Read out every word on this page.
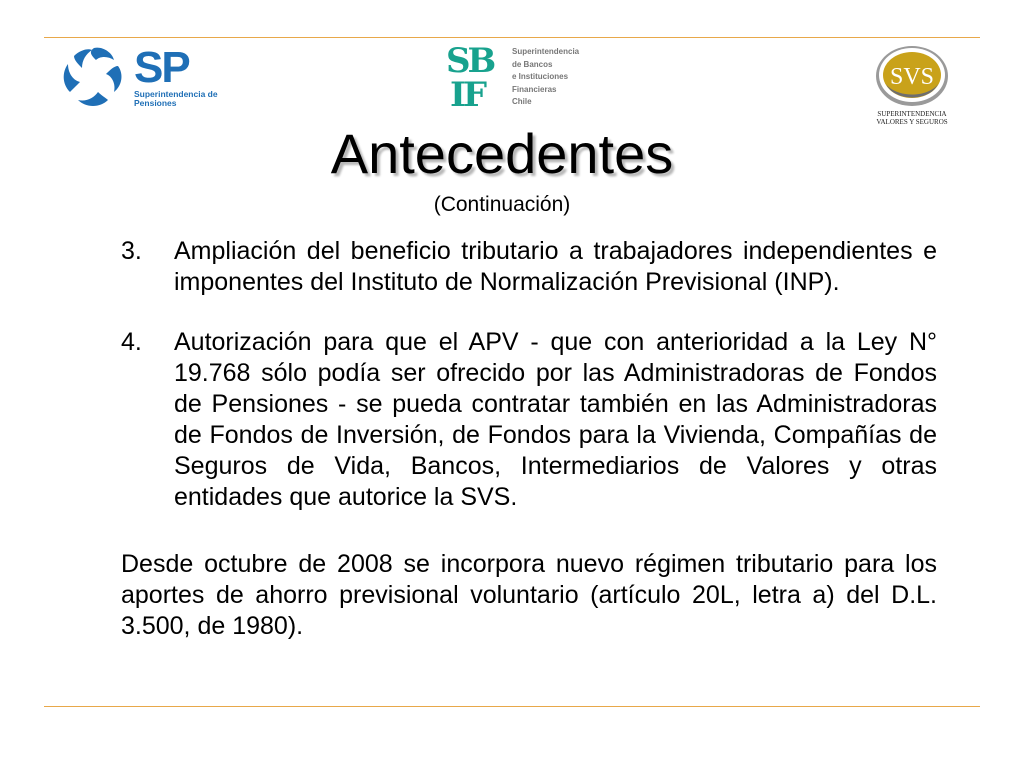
SP
Superintendencia de Pensiones
SB
IF
Superintendencia
de Bancos
e Instituciones
Financieras
Chile
SVS
SUPERINTENDENCIA
VALORES Y SEGUROS
Antecedentes
(Continuación)
3. Ampliación del beneficio tributario a trabajadores independientes e imponentes del Instituto de Normalización Previsional (INP).
4. Autorización para que el APV - que con anterioridad a la Ley N° 19.768 sólo podía ser ofrecido por las Administradoras de Fondos de Pensiones - se pueda contratar también en las Administradoras de Fondos de Inversión, de Fondos para la Vivienda, Compañías de Seguros de Vida, Bancos, Intermediarios de Valores y otras entidades que autorice la SVS.
Desde octubre de 2008 se incorpora nuevo régimen tributario para los aportes de ahorro previsional voluntario (artículo 20L, letra a) del D.L. 3.500, de 1980).
